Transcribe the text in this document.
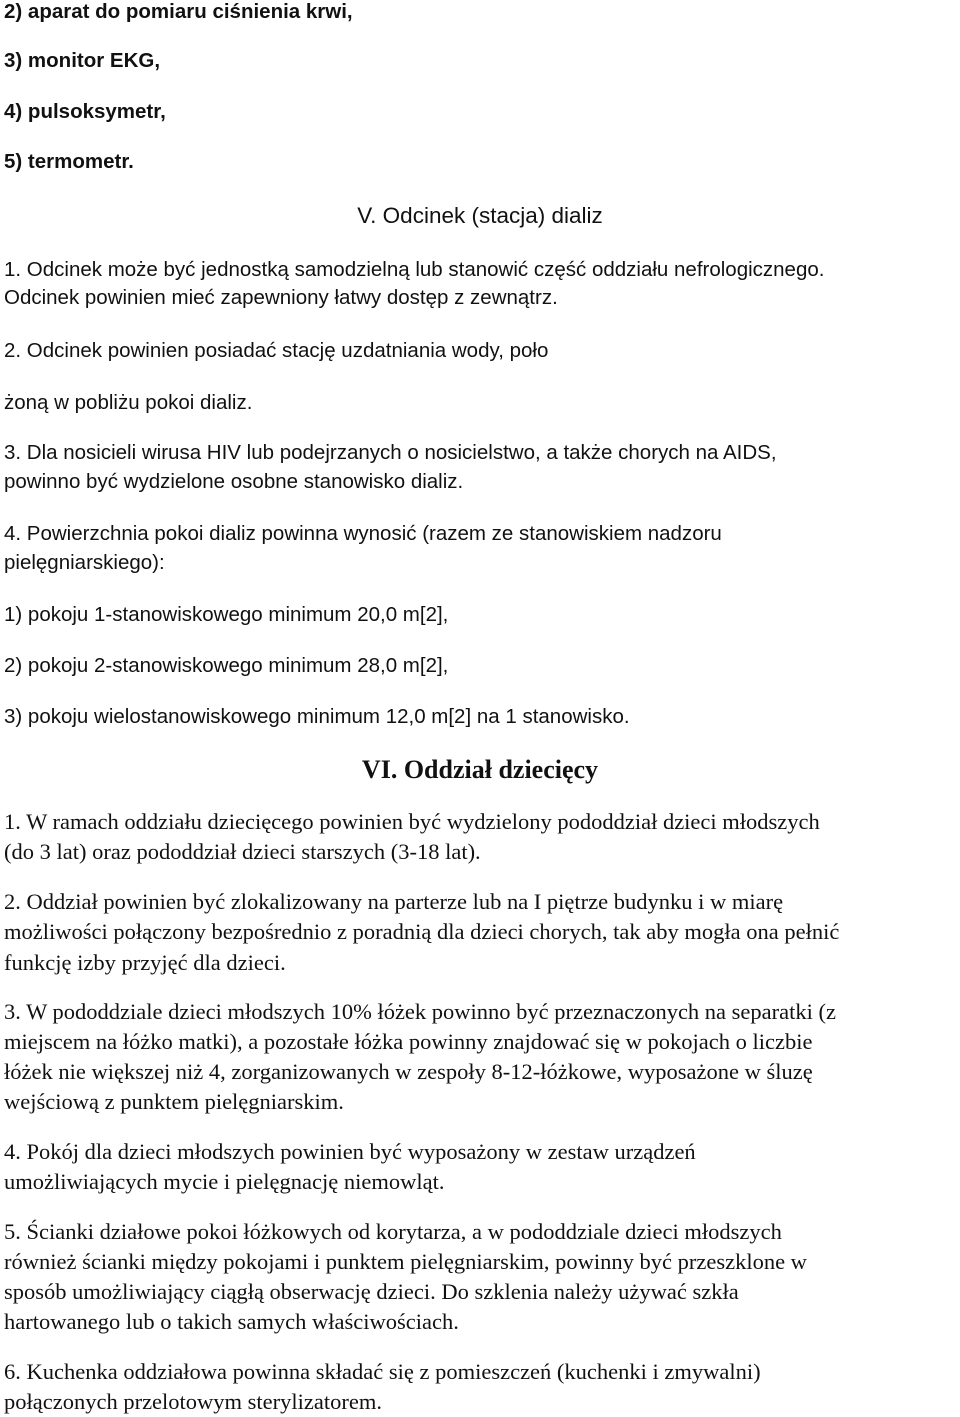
2) aparat do pomiaru ciśnienia krwi,
3) monitor EKG,
4) pulsoksymetr,
5) termometr.
V. Odcinek (stacja) dializ
1. Odcinek może być jednostką samodzielną lub stanowić część oddziału nefrologicznego.
Odcinek powinien mieć zapewniony łatwy dostęp z zewnątrz.
2. Odcinek powinien posiadać stację uzdatniania wody, poło
żoną w pobliżu pokoi dializ.
3. Dla nosicieli wirusa HIV lub podejrzanych o nosicielstwo, a także chorych na AIDS,
powinno być wydzielone osobne stanowisko dializ.
4. Powierzchnia pokoi dializ powinna wynosić (razem ze stanowiskiem nadzoru
pielęgniarskiego):
1) pokoju 1-stanowiskowego minimum 20,0 m[2],
2) pokoju 2-stanowiskowego minimum 28,0 m[2],
3) pokoju wielostanowiskowego minimum 12,0 m[2] na 1 stanowisko.
VI. Oddział dziecięcy
1. W ramach oddziału dziecięcego powinien być wydzielony pododdział dzieci młodszych
(do 3 lat) oraz pododdział dzieci starszych (3-18 lat).
2. Oddział powinien być zlokalizowany na parterze lub na I piętrze budynku i w miarę
możliwości połączony bezpośrednio z poradnią dla dzieci chorych, tak aby mogła ona pełnić
funkcję izby przyjęć dla dzieci.
3. W pododdziale dzieci młodszych 10% łóżek powinno być przeznaczonych na separatki (z
miejscem na łóżko matki), a pozostałe łóżka powinny znajdować się w pokojach o liczbie
łóżek nie większej niż 4, zorganizowanych w zespoły 8-12-łóżkowe, wyposażone w śluzę
wejściową z punktem pielęgniarskim.
4. Pokój dla dzieci młodszych powinien być wyposażony w zestaw urządzeń
umożliwiających mycie i pielęgnację niemowląt.
5. Ścianki działowe pokoi łóżkowych od korytarza, a w pododdziale dzieci młodszych
również ścianki między pokojami i punktem pielęgniarskim, powinny być przeszklone w
sposób umożliwiający ciągłą obserwację dzieci. Do szklenia należy używać szkła
hartowanego lub o takich samych właściwościach.
6. Kuchenka oddziałowa powinna składać się z pomieszczeń (kuchenki i zmywalni)
połączonych przelotowym sterylizatorem.
